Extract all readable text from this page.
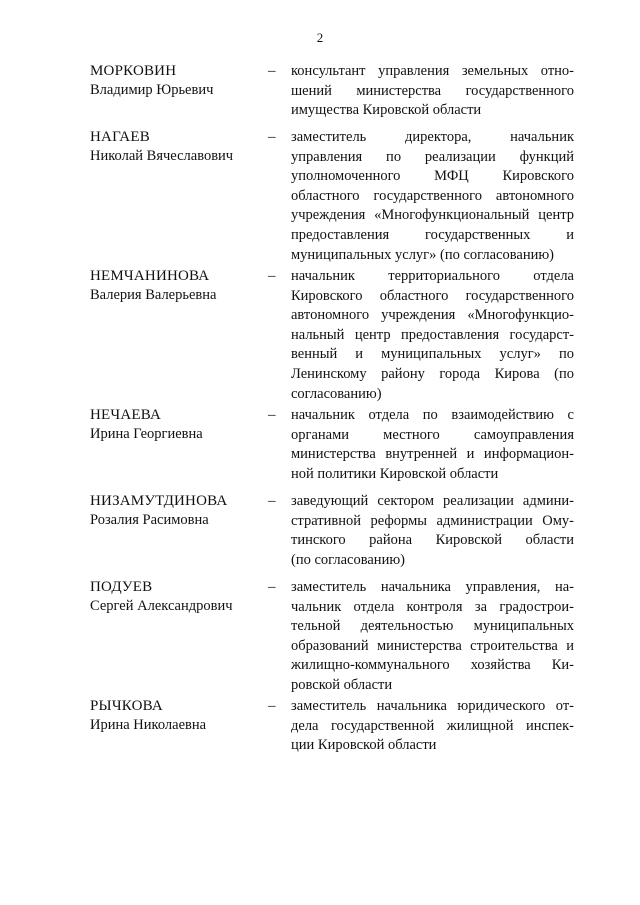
2
МОРКОВИН
Владимир Юрьевич
– консультант управления земельных отно-
шений министерства государственного
имущества Кировской области
НАГАЕВ
Николай Вячеславович
– заместитель директора, начальник
управления по реализации функций
уполномоченного МФЦ Кировского
областного государственного автономного
учреждения «Многофункциональный центр
предоставления государственных и
муниципальных услуг» (по согласованию)
НЕМЧАНИНОВА
Валерия Валерьевна
– начальник территориального отдела
Кировского областного государственного
автономного учреждения «Многофункцио-
нальный центр предоставления государст-
венный и муниципальных услуг» по
Ленинскому району города Кирова (по
согласованию)
НЕЧАЕВА
Ирина Георгиевна
– начальник отдела по взаимодействию с
органами местного самоуправления
министерства внутренней и информацион-
ной политики Кировской области
НИЗАМУТДИНОВА
Розалия Расимовна
– заведующий сектором реализации админи-
стративной реформы администрации Ому-
тинского района Кировской области
(по согласованию)
ПОДУЕВ
Сергей Александрович
– заместитель начальника управления, на-
чальник отдела контроля за градострои-
тельной деятельностью муниципальных
образований министерства строительства и
жилищно-коммунального хозяйства Ки-
ровской области
РЫЧКОВА
Ирина Николаевна
– заместитель начальника юридического от-
дела государственной жилищной инспек-
ции Кировской области
